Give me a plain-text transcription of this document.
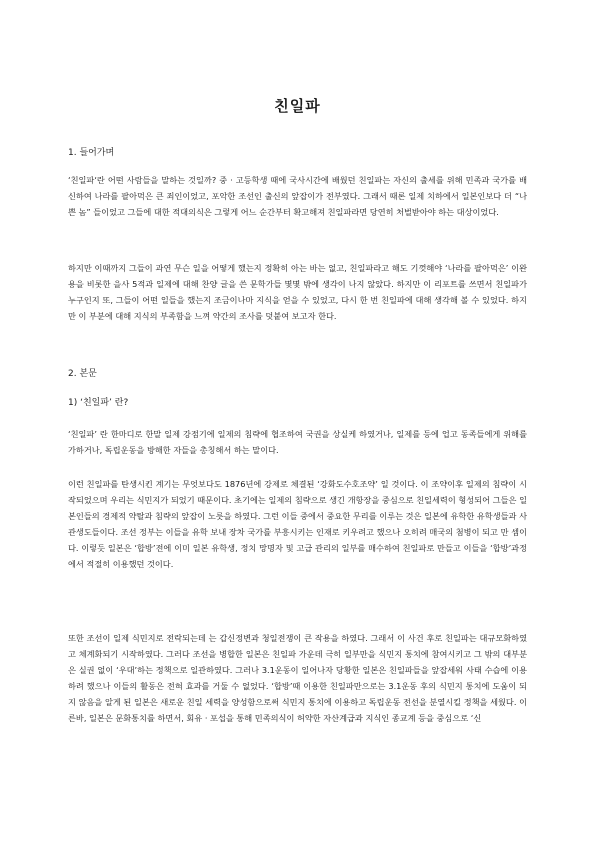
친일파
1. 들어가며
‘친일파‘란 어떤 사람들을 말하는 것일까? 중 · 고등학생 때에 국사시간에 배웠던 친일파는 자신의 출세를 위해 민족과 국가를 배신하여 나라를 팔아먹은 큰 죄인이었고, 포악한 조선인 출신의 앞잡이가 전부였다. 그래서 때론 일제 치하에서 일본인보다 더 “나쁜 놈” 들이었고 그들에 대한 적대의식은 그렇게 어느 순간부터 확고해져 친일파라면 당연히 처벌받아야 하는 대상이었다.
하지만 이때까지 그들이 과연 무슨 일을 어떻게 했는지 정확히 아는 바는 없고, 친일파라고 해도 기껏해야 ‘나라를 팔아먹은’ 이완용을 비롯한 을사 5적과 일제에 대해 찬양 글을 쓴 문학가들 몇몇 밖에 생각이 나지 않았다. 하지만 이 리포트를 쓰면서 친일파가 누구인지 또, 그들이 어떤 일들을 했는지 조금이나마 지식을 얻을 수 있었고, 다시 한 번 친일파에 대해 생각해 볼 수 있었다. 하지만 이 부분에 대해 지식의 부족함을 느껴 약간의 조사를 덧붙여 보고자 한다.
2. 본문
1) ‘친일파’ 란?
‘친일파’ 란 한마디로 한말 일제 강점기에 일제의 침략에 협조하여 국권을 상실케 하였거나, 일제를 등에 업고 동족들에게 위해를 가하거나, 독립운동을 방해한 자들을 총칭해서 하는 말이다.
이런 친일파를 탄생시킨 계기는 무엇보다도 1876년에 강제로 체결된 ‘강화도수호조약’ 일 것이다. 이 조약이후 일제의 침략이 시작되었으며 우리는 식민지가 되었기 때문이다. 초기에는 일제의 침략으로 생긴 개항장을 중심으로 친일세력이 형성되어 그들은 일본인들의 경제적 약탈과 침략의 앞잡이 노릇을 하였다. 그런 이들 중에서 중요한 무리를 이루는 것은 일본에 유학한 유학생들과 사관생도들이다. 조선 정부는 이들을 유학 보내 장차 국가를 부흥시키는 인재로 키우려고 했으나 오히려 매국의 첨병이 되고 만 셈이다. 이렇듯 일본은 ‘합방’전에 이미 일본 유학생, 정치 망명자 및 고급 관리의 일부를 매수하여 친일파로 만들고 이들을 ‘합방’과정에서 적절히 이용했던 것이다.
또한 조선이 일제 식민지로 전락되는데 는 갑신정변과 청일전쟁이 큰 작용을 하였다. 그래서 이 사건 후로 친일파는 대규모화하였고 체계화되기 시작하였다. 그러다 조선을 병합한 일본은 친일파 가운데 극히 일부만을 식민지 통치에 참여시키고 그 밖의 대부분은 실권 없이 ‘우대’하는 정책으로 일관하였다. 그러나 3.1운동이 일어나자 당황한 일본은 친일파들을 앞잡세워 사태 수습에 이용하려 했으나 이들의 활동은 전혀 효과를 거둘 수 없었다. ‘합방’때 이용한 친일파만으로는 3.1운동 후의 식민지 통치에 도움이 되지 않음을 알게 된 일본은 새로운 친일 세력을 양성함으로써 식민지 통치에 이용하고 독립운동 전선을 분열시킬 정책을 세웠다. 이른바, 일본은 문화통치를 하면서, 회유 · 포섭을 통해 민족의식이 허약한 자산계급과 지식인 종교계 등을 중심으로 ‘신
